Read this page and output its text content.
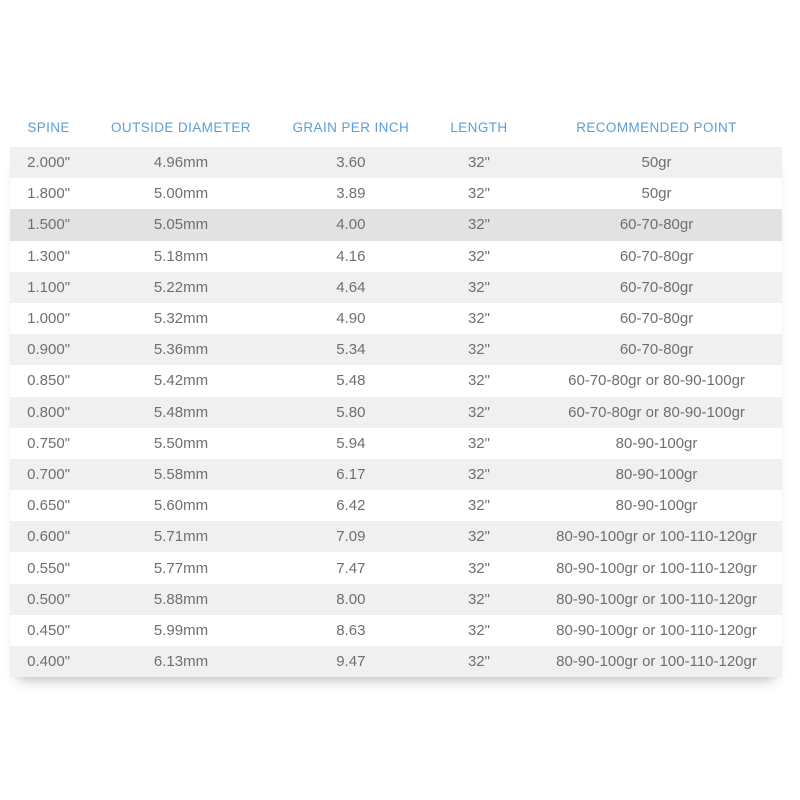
SPINE	OUTSIDE DIAMETER	GRAIN PER INCH	LENGTH	RECOMMENDED POINT
2.000"	4.96mm	3.60	32"	50gr
1.800"	5.00mm	3.89	32"	50gr
1.500"	5.05mm	4.00	32"	60-70-80gr
1.300"	5.18mm	4.16	32"	60-70-80gr
1.100"	5.22mm	4.64	32"	60-70-80gr
1.000"	5.32mm	4.90	32"	60-70-80gr
0.900"	5.36mm	5.34	32"	60-70-80gr
0.850"	5.42mm	5.48	32"	60-70-80gr or 80-90-100gr
0.800"	5.48mm	5.80	32"	60-70-80gr or 80-90-100gr
0.750"	5.50mm	5.94	32"	80-90-100gr
0.700"	5.58mm	6.17	32"	80-90-100gr
0.650"	5.60mm	6.42	32"	80-90-100gr
0.600"	5.71mm	7.09	32"	80-90-100gr or 100-110-120gr
0.550"	5.77mm	7.47	32"	80-90-100gr or 100-110-120gr
0.500"	5.88mm	8.00	32"	80-90-100gr or 100-110-120gr
0.450"	5.99mm	8.63	32"	80-90-100gr or 100-110-120gr
0.400"	6.13mm	9.47	32"	80-90-100gr or 100-110-120gr
